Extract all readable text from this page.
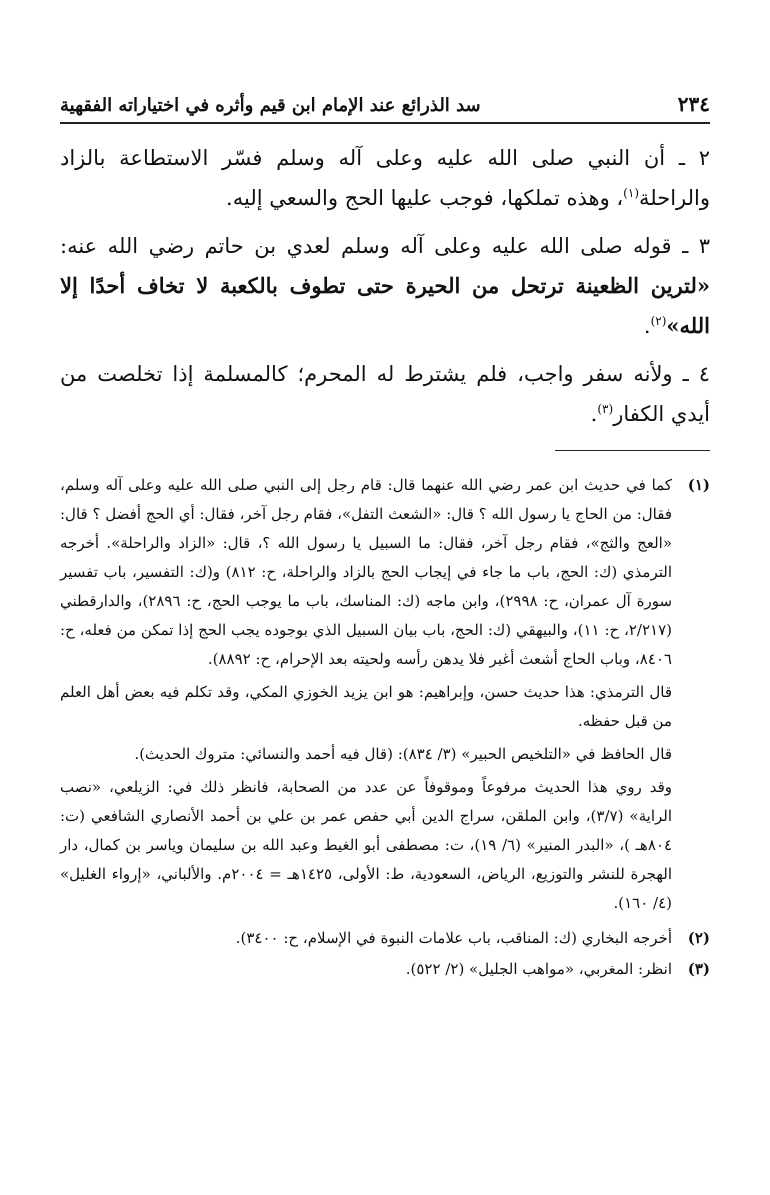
٢٣٤
سد الذرائع عند الإمام ابن قيم وأثره في اختياراته الفقهية

٢ ـ أن النبي صلى الله عليه وعلى آله وسلم فسّر الاستطاعة بالزاد والراحلة$^{(١)}$، وهذه تملكها، فوجب عليها الحج والسعي إليه.

٣ ـ قوله صلى الله عليه وعلى آله وسلم لعدي بن حاتم رضي الله عنه: «لترين الظعينة ترتحل من الحيرة حتى تطوف بالكعبة لا تخاف أحدًا إلا الله»$^{(٢)}$.

٤ ـ ولأنه سفر واجب، فلم يشترط له المحرم؛ كالمسلمة إذا تخلصت من أيدي الكفار$^{(٣)}$.

(١)

كما في حديث ابن عمر رضي الله عنهما قال: قام رجل إلى النبي صلى الله عليه وعلى آله وسلم، فقال: من الحاج يا رسول الله ؟ قال: «الشعث التفل»، فقام رجل آخر، فقال: أي الحج أفضل ؟ قال: «العج والثج»، فقام رجل آخر، فقال: ما السبيل يا رسول الله ؟، قال: «الزاد والراحلة». أخرجه الترمذي (ك: الحج، باب ما جاء في إيجاب الحج بالزاد والراحلة، ح: ٨١٢) و(ك: التفسير، باب تفسير سورة آل عمران، ح: ٢٩٩٨)، وابن ماجه (ك: المناسك، باب ما يوجب الحج، ح: ٢٨٩٦)، والدارقطني (٢/٢١٧، ح: ١١)، والبيهقي (ك: الحج، باب بيان السبيل الذي بوجوده يجب الحج إذا تمكن من فعله، ح: ٨٤٠٦، وباب الحاج أشعث أغبر فلا يدهن رأسه ولحيته بعد الإحرام، ح: ٨٨٩٢).

قال الترمذي: هذا حديث حسن، وإبراهيم: هو ابن يزيد الخوزي المكي، وقد تكلم فيه بعض أهل العلم من قبل حفظه.

قال الحافظ في «التلخيص الحبير» (٣/ ٨٣٤): (قال فيه أحمد والنسائي: متروك الحديث).

وقد روي هذا الحديث مرفوعاً وموقوفاً عن عدد من الصحابة، فانظر ذلك في: الزيلعي، «نصب الراية» (٣/٧)، وابن الملقن، سراج الدين أبي حفص عمر بن علي بن أحمد الأنصاري الشافعي (ت: ٨٠٤هـ )، «البدر المنير» (٦/ ١٩)، ت: مصطفى أبو الغيط وعبد الله بن سليمان وياسر بن كمال، دار الهجرة للنشر والتوزيع، الرياض، السعودية، ط: الأولى، ١٤٢٥هـ = ٢٠٠٤م. والألباني، «إرواء الغليل» (٤/ ١٦٠).

(٢)
أخرجه البخاري (ك: المناقب، باب علامات النبوة في الإسلام، ح: ٣٤٠٠).
(٣)
انظر: المغربي، «مواهب الجليل» (٢/ ٥٢٢).
